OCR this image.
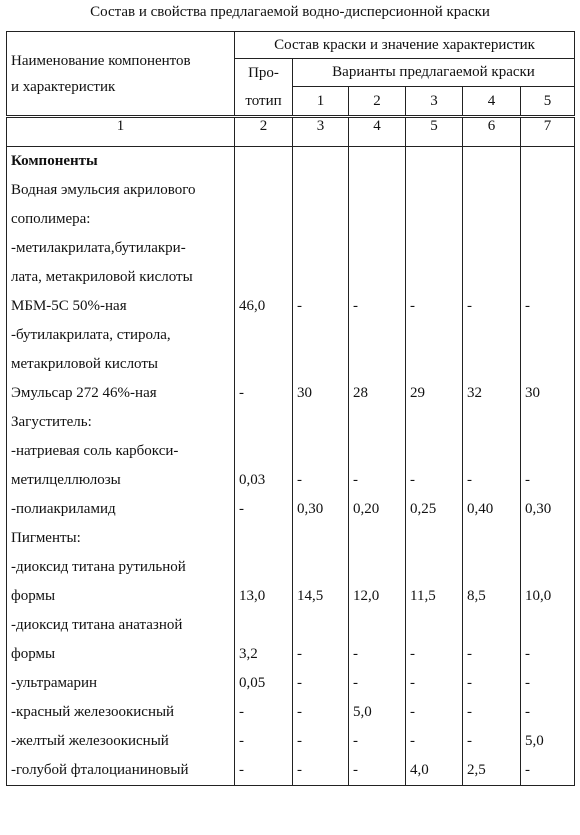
Состав и свойства предлагаемой водно-дисперсионной краски
Наименование компонентов
и характеристик	Состав краски и значение характеристик					

	Про-
тотип	Варианты предлагаемой краски				
		1	2	3	4	5
1	2	3	4	5	6	7
Компоненты						
Водная эмульсия акрилового						
сополимера:						
-метилакрилата,бутилакри-						
лата, метакриловой кислоты						
МБМ-5С 50%-ная	46,0	-	-	-	-	-
-бутилакрилата, стирола,						
метакриловой кислоты						
Эмульсар 272 46%-ная	-	30	28	29	32	30
Загуститель:						
-натриевая соль карбокси-						
метилцеллюлозы	0,03	-	-	-	-	-
-полиакриламид	-	0,30	0,20	0,25	0,40	0,30
Пигменты:						
-диоксид титана рутильной						
формы	13,0	14,5	12,0	11,5	8,5	10,0
-диоксид титана анатазной						
формы	3,2	-	-	-	-	-
-ультрамарин	0,05	-	-	-	-	-
-красный железоокисный	-	-	5,0	-	-	-
-желтый железоокисный	-	-	-	-	-	5,0
-голубой фталоцианиновый	-	-	-	4,0	2,5	-
